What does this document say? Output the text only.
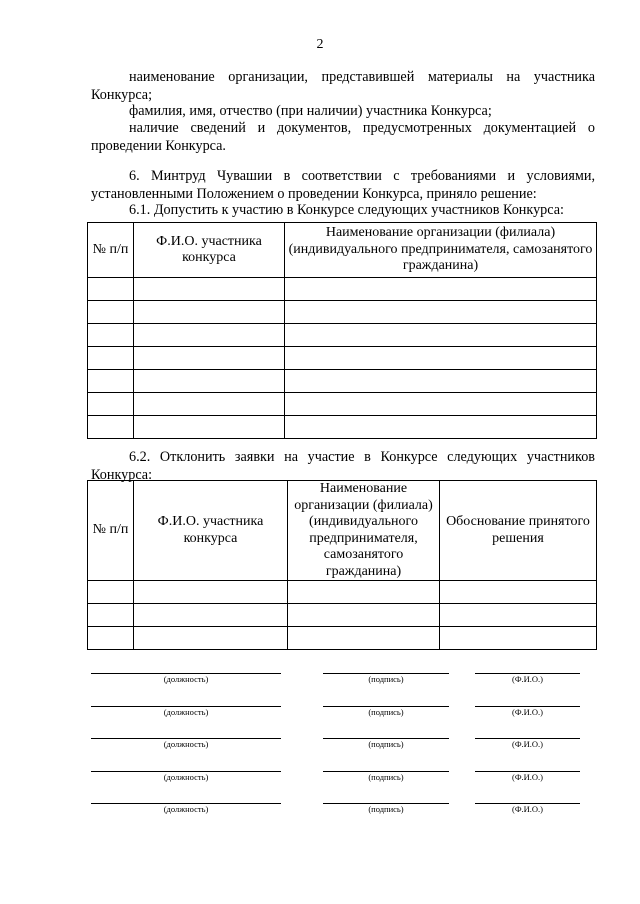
2
наименование организации, представившей материалы на участника Конкурса;
фамилия, имя, отчество (при наличии) участника Конкурса;
наличие сведений и документов, предусмотренных документацией о проведении Конкурса.
6. Минтруд Чувашии в соответствии с требованиями и условиями, установленными Положением о проведении Конкурса, приняло решение:
6.1. Допустить к участию в Конкурсе следующих участников Конкурса:
№ п/п	Ф.И.О. участника конкурса	Наименование организации (филиала) (индивидуального предпринимателя, самозанятого гражданина)

6.2. Отклонить заявки на участие в Конкурсе следующих участников Конкурса:
№ п/п	Ф.И.О. участника конкурса	Наименование организации (филиала) (индивидуального предпринимателя, самозанятого гражданина)	Обоснование принятого решения

(должность)	(подпись)	(Ф.И.О.)
(должность)	(подпись)	(Ф.И.О.)
(должность)	(подпись)	(Ф.И.О.)
(должность)	(подпись)	(Ф.И.О.)
(должность)	(подпись)	(Ф.И.О.)
